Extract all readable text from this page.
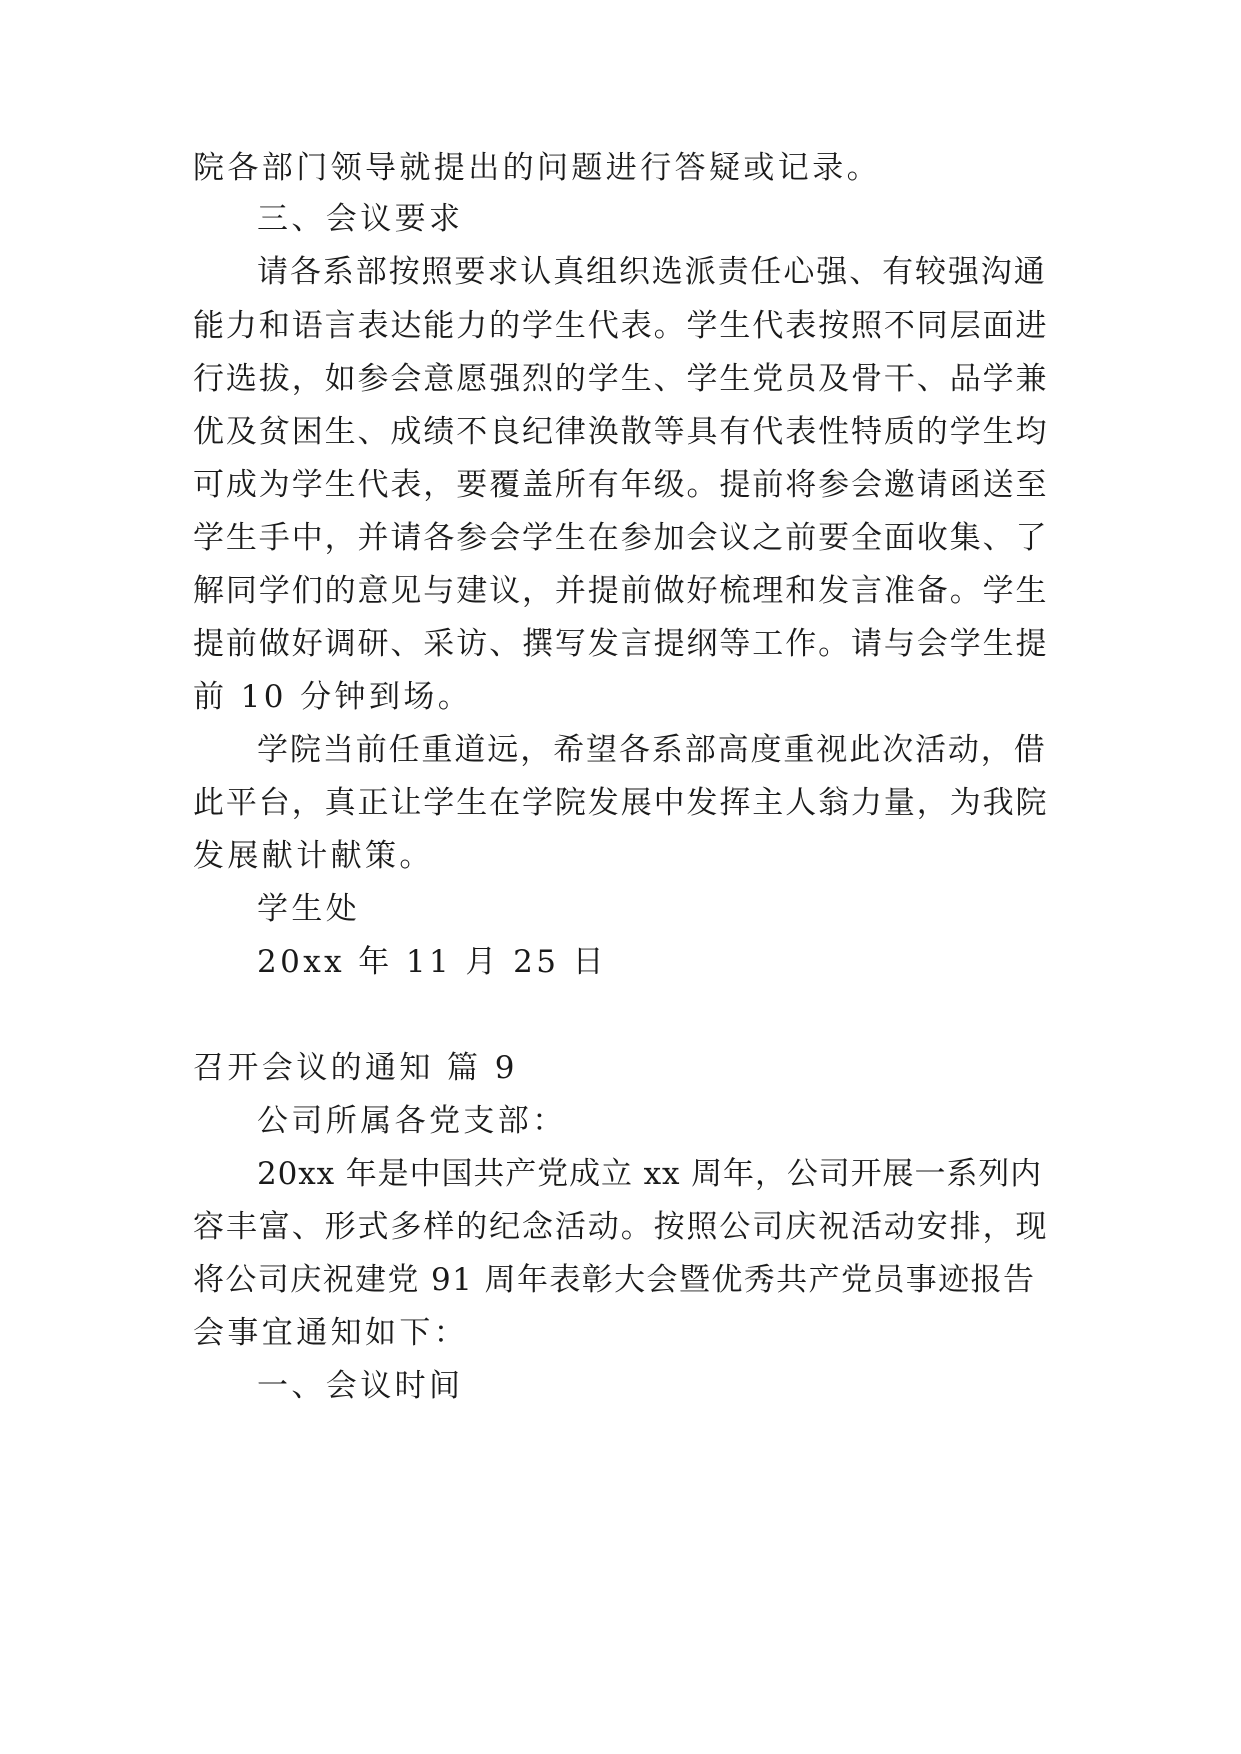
院各部门领导就提出的问题进行答疑或记录。
三、会议要求
请各系部按照要求认真组织选派责任心强、有较强沟通
能力和语言表达能力的学生代表。学生代表按照不同层面进
行选拔，如参会意愿强烈的学生、学生党员及骨干、品学兼
优及贫困生、成绩不良纪律涣散等具有代表性特质的学生均
可成为学生代表，要覆盖所有年级。提前将参会邀请函送至
学生手中，并请各参会学生在参加会议之前要全面收集、了
解同学们的意见与建议，并提前做好梳理和发言准备。学生
提前做好调研、采访、撰写发言提纲等工作。请与会学生提
前 10 分钟到场。
学院当前任重道远，希望各系部高度重视此次活动，借
此平台，真正让学生在学院发展中发挥主人翁力量，为我院
发展献计献策。
学生处
20xx 年 11 月 25 日
召开会议的通知 篇 9
公司所属各党支部：
20xx 年是中国共产党成立 xx 周年，公司开展一系列内
容丰富、形式多样的纪念活动。按照公司庆祝活动安排，现
将公司庆祝建党 91 周年表彰大会暨优秀共产党员事迹报告
会事宜通知如下：
一、会议时间
